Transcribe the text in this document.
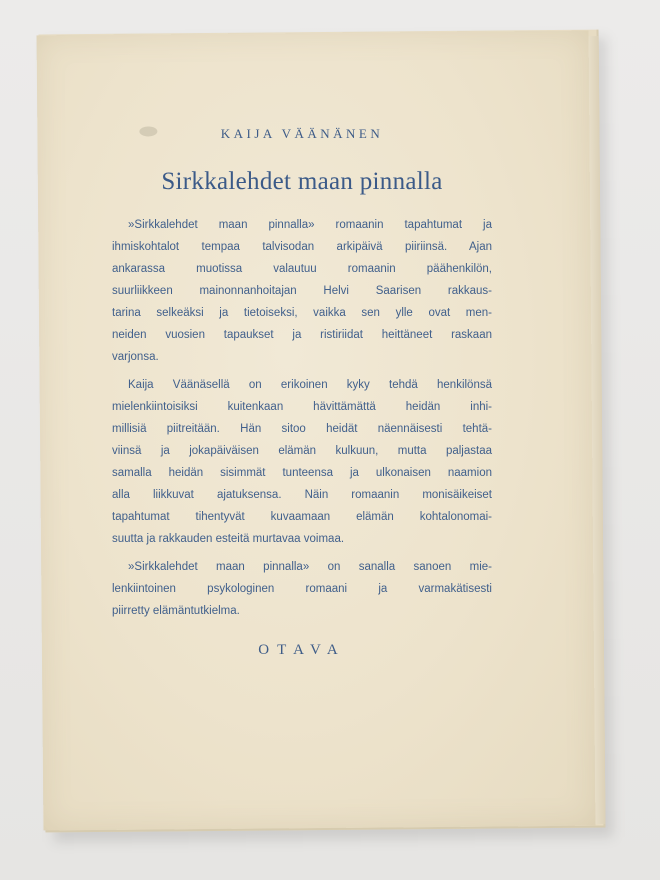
KAIJA VÄÄNÄNEN
Sirkkalehdet maan pinnalla
»Sirkkalehdet maan pinnalla» romaanin tapahtumat ja
ihmiskohtalot tempaa talvisodan arkipäivä piiriinsä. Ajan
ankarassa muotissa valautuu romaanin päähenkilön,
suurliikkeen mainonnanhoitajan Helvi Saarisen rakkaus-
tarina selkeäksi ja tietoiseksi, vaikka sen ylle ovat men-
neiden vuosien tapaukset ja ristiriidat heittäneet raskaan
varjonsa.
Kaija Väänäsellä on erikoinen kyky tehdä henkilönsä
mielenkiintoisiksi kuitenkaan hävittämättä heidän inhi-
millisiä piitreitään. Hän sitoo heidät näennäisesti tehtä-
viinsä ja jokapäiväisen elämän kulkuun, mutta paljastaa
samalla heidän sisimmät tunteensa ja ulkonaisen naamion
alla liikkuvat ajatuksensa. Näin romaanin monisäikeiset
tapahtumat tihentyvät kuvaamaan elämän kohtalonomai-
suutta ja rakkauden esteitä murtavaa voimaa.
»Sirkkalehdet maan pinnalla» on sanalla sanoen mie-
lenkiintoinen psykologinen romaani ja varmakätisesti
piirretty elämäntutkielma.
OTAVA
